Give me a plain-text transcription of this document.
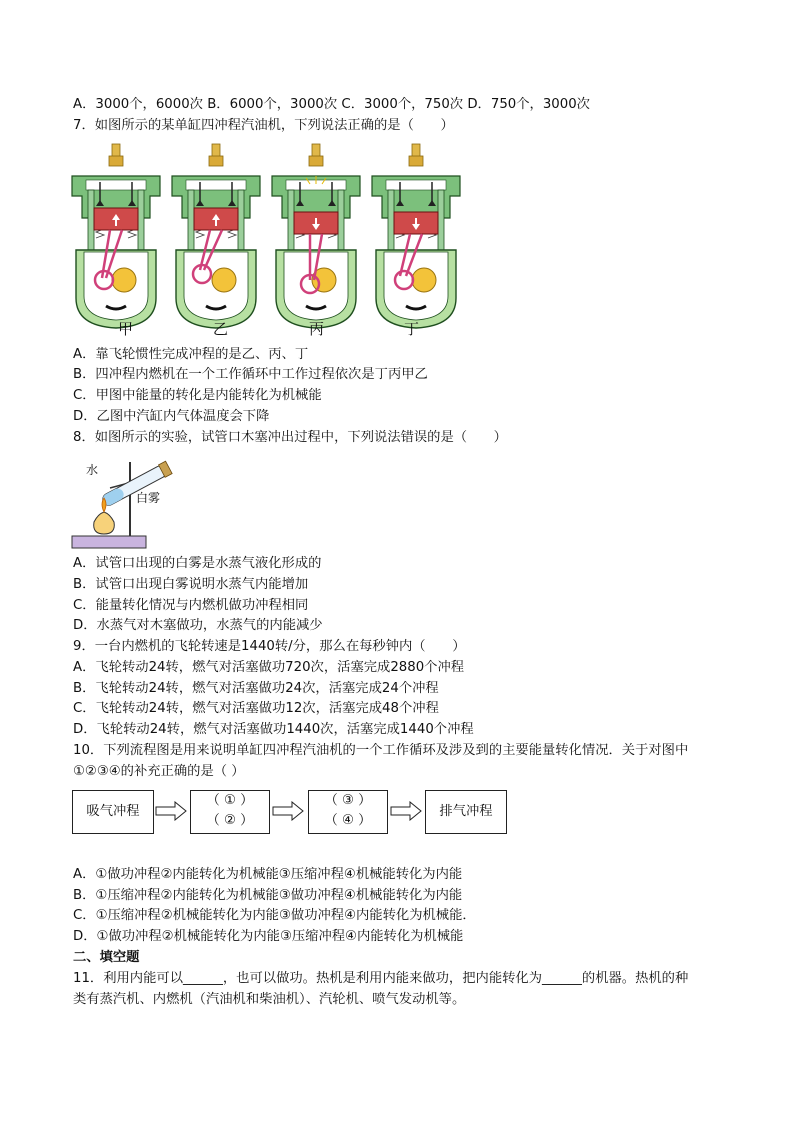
A．3000个，6000次 B．6000个，3000次 C．3000个，750次 D．750个，3000次
7．如图所示的某单缸四冲程汽油机，下列说法正确的是（　　）
甲	乙	丙	丁
A．靠飞轮惯性完成冲程的是乙、丙、丁
B．四冲程内燃机在一个工作循环中工作过程依次是丁丙甲乙
C．甲图中能量的转化是内能转化为机械能
D．乙图中汽缸内气体温度会下降
8．如图所示的实验，试管口木塞冲出过程中，下列说法错误的是（　　）
水
白雾
A．试管口出现的白雾是水蒸气液化形成的
B．试管口出现白雾说明水蒸气内能增加
C．能量转化情况与内燃机做功冲程相同
D．水蒸气对木塞做功，水蒸气的内能减少
9．一台内燃机的飞轮转速是1440转/分，那么在每秒钟内（　　）
A．飞轮转动24转，燃气对活塞做功720次，活塞完成2880个冲程
B．飞轮转动24转，燃气对活塞做功24次，活塞完成24个冲程
C．飞轮转动24转，燃气对活塞做功12次，活塞完成48个冲程
D．飞轮转动24转，燃气对活塞做功1440次，活塞完成1440个冲程
10．下列流程图是用来说明单缸四冲程汽油机的一个工作循环及涉及到的主要能量转化情况．关于对图中
①②③④的补充正确的是（ ）
吸气冲程
（ ① ）
（ ② ）
（ ③ ）
（ ④ ）
排气冲程
A．①做功冲程②内能转化为机械能③压缩冲程④机械能转化为内能
B．①压缩冲程②内能转化为机械能③做功冲程④机械能转化为内能
C．①压缩冲程②机械能转化为内能③做功冲程④内能转化为机械能．
D．①做功冲程②机械能转化为内能③压缩冲程④内能转化为机械能
二、填空题
11．利用内能可以______，也可以做功。热机是利用内能来做功，把内能转化为______的机器。热机的种
类有蒸汽机、内燃机（汽油机和柴油机）、汽轮机、喷气发动机等。
